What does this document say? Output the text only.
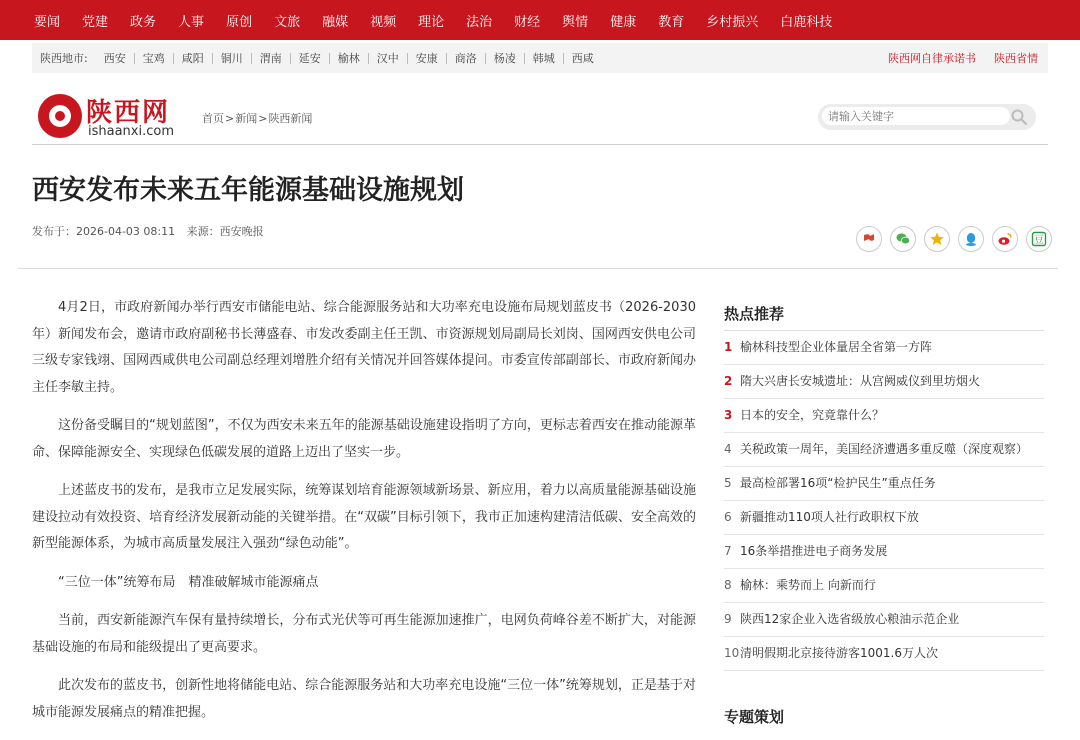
要闻 党建 政务 人事 原创 文旅 融媒 视频 理论 法治 财经 舆情 健康 教育 乡村振兴 白鹿科技
陕西地市:	西安	宝鸡	咸阳	铜川	渭南	延安	榆林	汉中	安康	商洛	杨凌	韩城	西咸	陕西网自律承诺书 陕西省情
陕西网
ishaanxi.com
首页>新闻>陕西新闻
请输入关键字
西安发布未来五年能源基础设施规划
发布于：2026-04-03 08:11 来源：西安晚报
豆

4月2日，市政府新闻办举行西安市储能电站、综合能源服务站和大功率充电设施布局规划蓝皮书（2026-2030年）新闻发布会，邀请市政府副秘书长薄盛春、市发改委副主任王凯、市资源规划局副局长刘岗、国网西安供电公司三级专家钱翊、国网西咸供电公司副总经理刘增胜介绍有关情况并回答媒体提问。市委宣传部副部长、市政府新闻办主任李敏主持。

这份备受瞩目的“规划蓝图”，不仅为西安未来五年的能源基础设施建设指明了方向，更标志着西安在推动能源革命、保障能源安全、实现绿色低碳发展的道路上迈出了坚实一步。

上述蓝皮书的发布，是我市立足发展实际，统筹谋划培育能源领域新场景、新应用，着力以高质量能源基础设施建设拉动有效投资、培育经济发展新动能的关键举措。在“双碳”目标引领下，我市正加速构建清洁低碳、安全高效的新型能源体系，为城市高质量发展注入强劲“绿色动能”。

“三位一体”统筹布局　精准破解城市能源痛点

当前，西安新能源汽车保有量持续增长，分布式光伏等可再生能源加速推广，电网负荷峰谷差不断扩大，对能源基础设施的布局和能级提出了更高要求。

此次发布的蓝皮书，创新性地将储能电站、综合能源服务站和大功率充电设施“三位一体”统筹规划，正是基于对城市能源发展痛点的精准把握。

热点推荐
1 榆林科技型企业体量居全省第一方阵
2 隋大兴唐长安城遗址：从宫阙威仪到里坊烟火
3 日本的安全，究竟靠什么？
4 关税政策一周年，美国经济遭遇多重反噬（深度观察）
5 最高检部署16项“检护民生”重点任务
6 新疆推动110项人社行政职权下放
7 16条举措推进电子商务发展
8 榆林：乘势而上 向新而行
9 陕西12家企业入选省级放心粮油示范企业
10清明假期北京接待游客1001.6万人次
专题策划
